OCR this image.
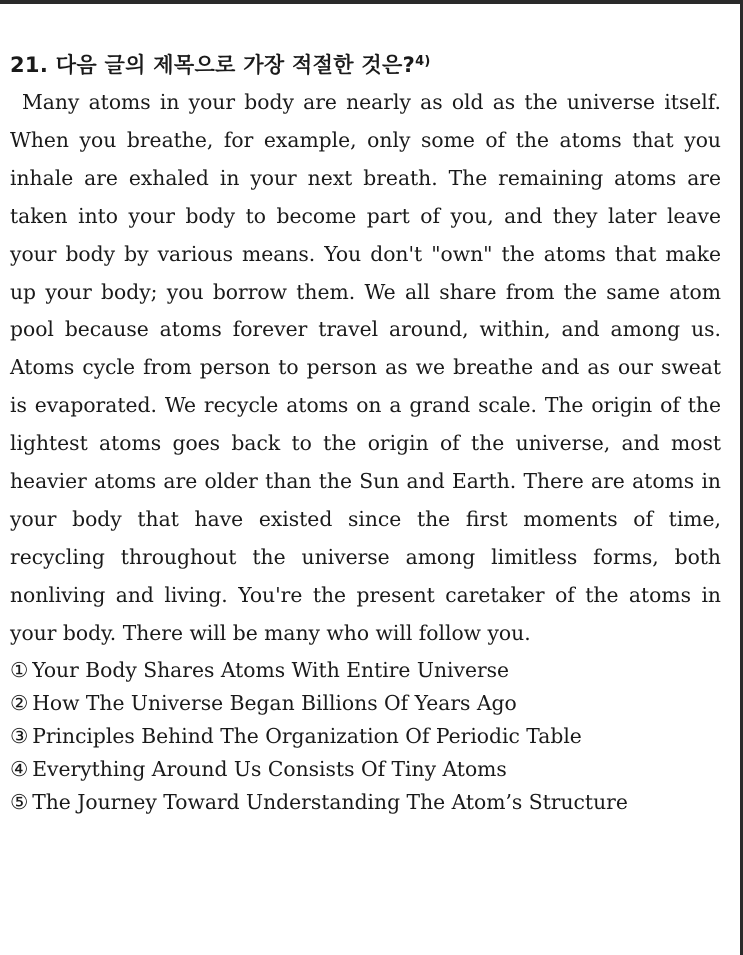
21. 다음 글의 제목으로 가장 적절한 것은?$^{4)}$
Many atoms in your body are nearly as old as the universe itself. When you breathe, for example, only some of the atoms that you inhale are exhaled in your next breath. The remaining atoms are taken into your body to become part of you, and they later leave your body by various means. You don't "own" the atoms that make up your body; you borrow them. We all share from the same atom pool because atoms forever travel around, within, and among us. Atoms cycle from person to person as we breathe and as our sweat is evaporated. We recycle atoms on a grand scale. The origin of the lightest atoms goes back to the origin of the universe, and most heavier atoms are older than the Sun and Earth. There are atoms in your body that have existed since the first moments of time, recycling throughout the universe among limitless forms, both nonliving and living. You're the present caretaker of the atoms in your body. There will be many who will follow you.
① Your Body Shares Atoms With Entire Universe
② How The Universe Began Billions Of Years Ago
③ Principles Behind The Organization Of Periodic Table
④ Everything Around Us Consists Of Tiny Atoms
⑤ The Journey Toward Understanding The Atom’s Structure
